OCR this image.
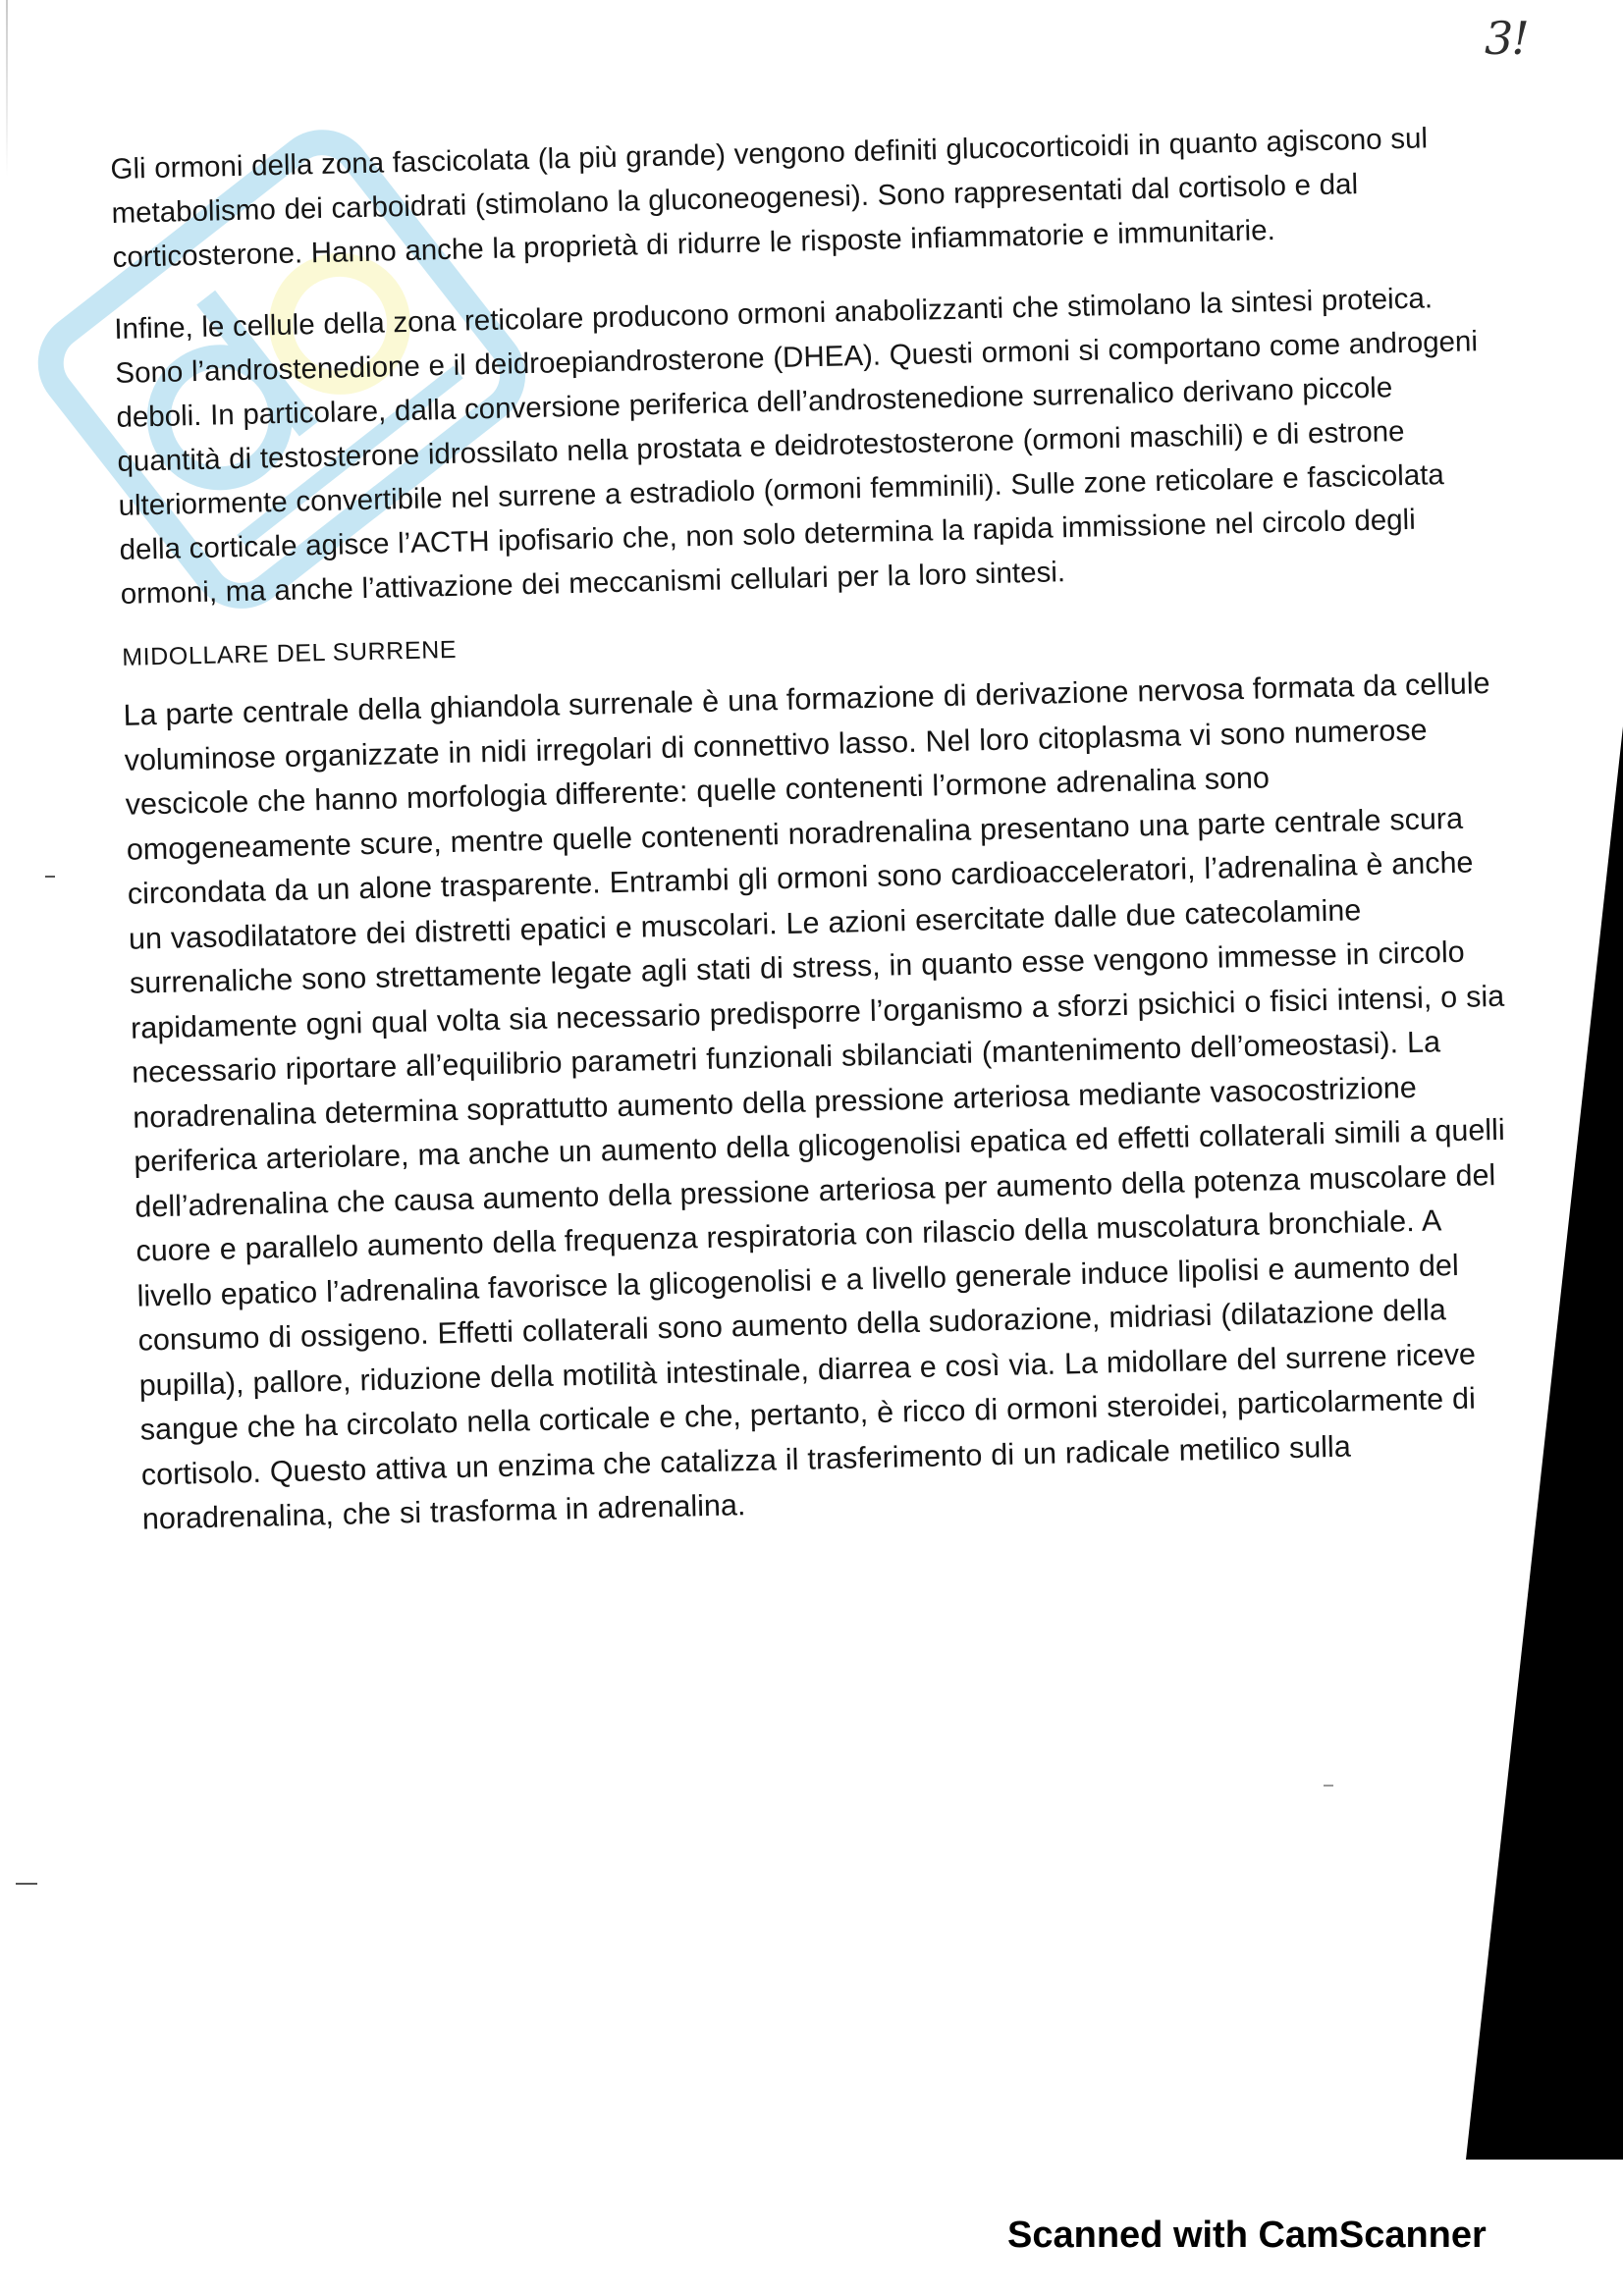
3!

Gli ormoni della zona fascicolata (la più grande) vengono definiti glucocorticoidi in quanto agiscono sul metabolismo dei carboidrati (stimolano la gluconeogenesi). Sono rappresentati dal cortisolo e dal corticosterone. Hanno anche la proprietà di ridurre le risposte infiammatorie e immunitarie.

Infine, le cellule della zona reticolare producono ormoni anabolizzanti che stimolano la sintesi proteica. Sono l’androstenedione e il deidroepiandrosterone (DHEA). Questi ormoni si comportano come androgeni deboli. In particolare, dalla conversione periferica dell’androstenedione surrenalico derivano piccole quantità di testosterone idrossilato nella prostata e deidrotestosterone (ormoni maschili) e di estrone ulteriormente convertibile nel surrene a estradiolo (ormoni femminili). Sulle zone reticolare e fascicolata della corticale agisce l’ACTH ipofisario che, non solo determina la rapida immissione nel circolo degli ormoni, ma anche l’attivazione dei meccanismi cellulari per la loro sintesi.

MIDOLLARE DEL SURRENE

La parte centrale della ghiandola surrenale è una formazione di derivazione nervosa formata da cellule voluminose organizzate in nidi irregolari di connettivo lasso. Nel loro citoplasma vi sono numerose vescicole che hanno morfologia differente: quelle contenenti l’ormone adrenalina sono omogeneamente scure, mentre quelle contenenti noradrenalina presentano una parte centrale scura circondata da un alone trasparente. Entrambi gli ormoni sono cardioacceleratori, l’adrenalina è anche un vasodilatatore dei distretti epatici e muscolari. Le azioni esercitate dalle due catecolamine surrenaliche sono strettamente legate agli stati di stress, in quanto esse vengono immesse in circolo rapidamente ogni qual volta sia necessario predisporre l’organismo a sforzi psichici o fisici intensi, o sia necessario riportare all’equilibrio parametri funzionali sbilanciati (mantenimento dell’omeostasi). La noradrenalina determina soprattutto aumento della pressione arteriosa mediante vasocostrizione periferica arteriolare, ma anche un aumento della glicogenolisi epatica ed effetti collaterali simili a quelli dell’adrenalina che causa aumento della pressione arteriosa per aumento della potenza muscolare del cuore e parallelo aumento della frequenza respiratoria con rilascio della muscolatura bronchiale. A livello epatico l’adrenalina favorisce la glicogenolisi e a livello generale induce lipolisi e aumento del consumo di ossigeno. Effetti collaterali sono aumento della sudorazione, midriasi (dilatazione della pupilla), pallore, riduzione della motilità intestinale, diarrea e così via. La midollare del surrene riceve sangue che ha circolato nella corticale e che, pertanto, è ricco di ormoni steroidei, particolarmente di cortisolo. Questo attiva un enzima che catalizza il trasferimento di un radicale metilico sulla noradrenalina, che si trasforma in adrenalina.

Scanned with CamScanner
